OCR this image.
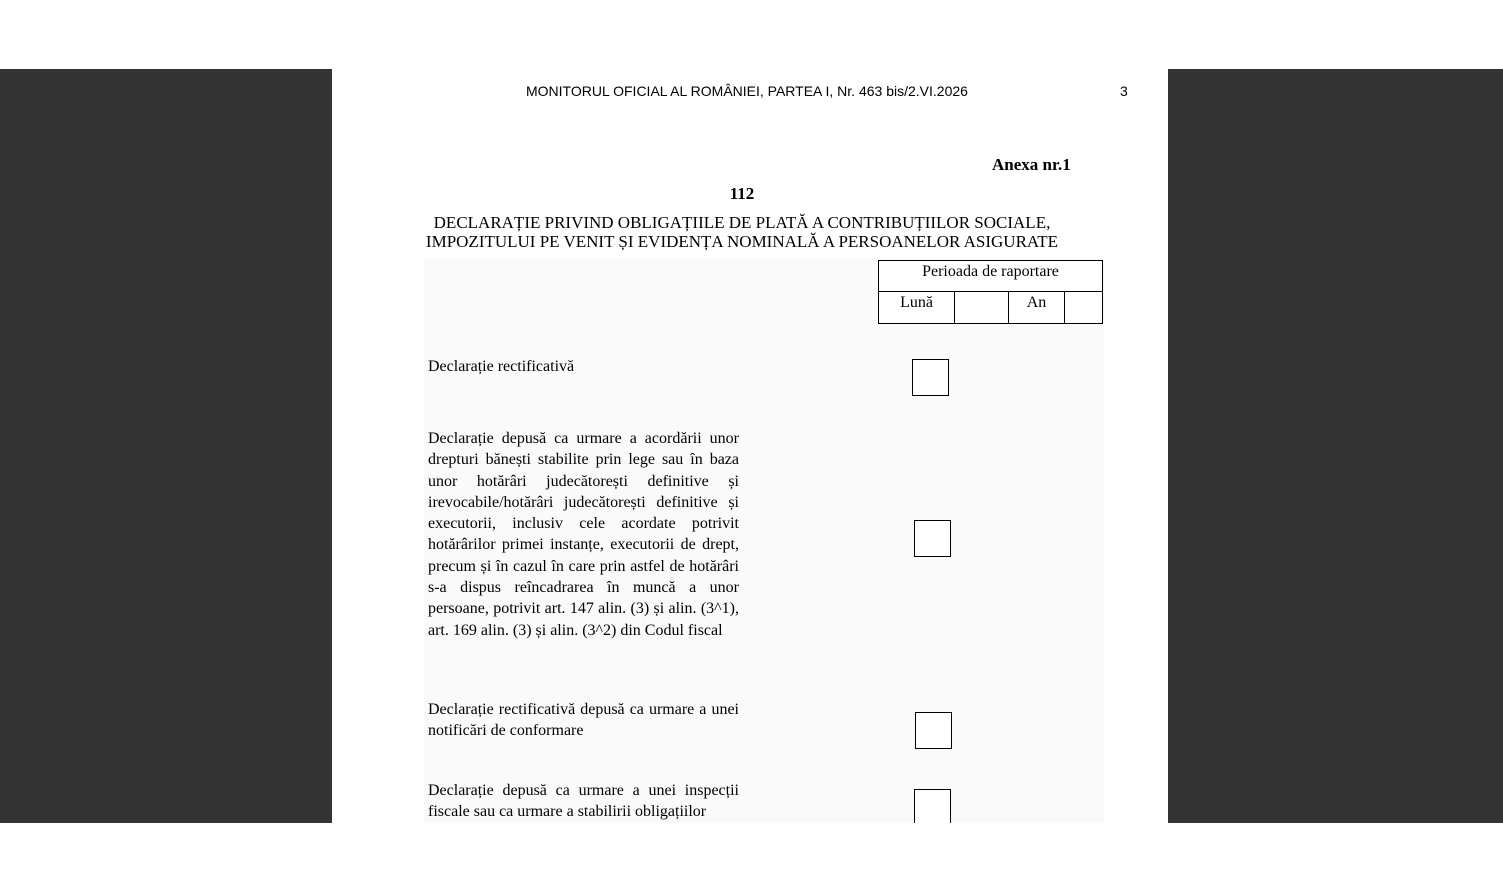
MONITORUL OFICIAL AL ROMÂNIEI, PARTEA I, Nr. 463 bis/2.VI.2026	3
Anexa nr.1
112
DECLARAȚIE PRIVIND OBLIGAȚIILE DE PLATĂ A CONTRIBUȚIILOR SOCIALE,
IMPOZITULUI PE VENIT ȘI EVIDENȚA NOMINALĂ A PERSOANELOR ASIGURATE
Perioada de raportare
Lună		An	
Declarație rectificativă
Declarație depusă ca urmare a acordării unor drepturi bănești stabilite prin lege sau în baza unor hotărâri judecătorești definitive și irevocabile/hotărâri judecătorești definitive și executorii, inclusiv cele acordate potrivit hotărârilor primei instanțe, executorii de drept, precum și în cazul în care prin astfel de hotărâri s-a dispus reîncadrarea în muncă a unor persoane, potrivit art. 147 alin. (3) și alin. (3^1), art. 169 alin. (3) și alin. (3^2) din Codul fiscal
Declarație rectificativă depusă ca urmare a unei notificări de conformare
Declarație depusă ca urmare a unei inspecții fiscale sau ca urmare a stabilirii obligațiilor
